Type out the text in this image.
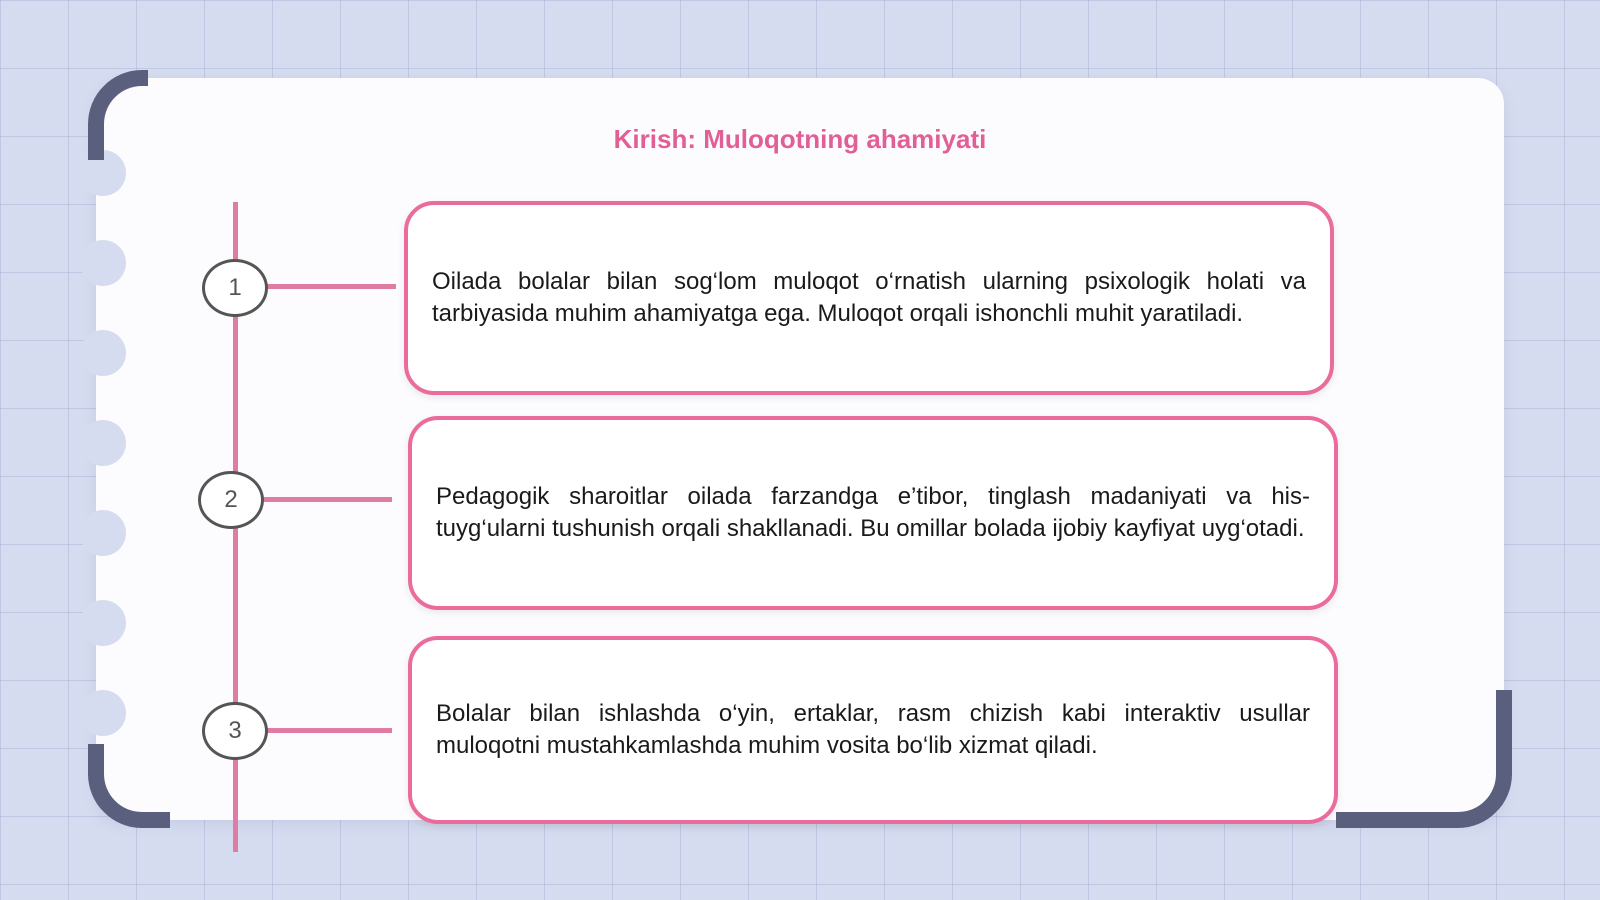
Kirish: Muloqotning ahamiyati
1
2
3

Oilada bolalar bilan sog‘lom muloqot o‘rnatish ularning psixologik holati va tarbiyasida muhim ahamiyatga ega. Muloqot orqali ishonchli muhit yaratiladi.

Pedagogik sharoitlar oilada farzandga e’tibor, tinglash madaniyati va his-tuyg‘ularni tushunish orqali shakllanadi. Bu omillar bolada ijobiy kayfiyat uyg‘otadi.

Bolalar bilan ishlashda o‘yin, ertaklar, rasm chizish kabi interaktiv usullar muloqotni mustahkamlashda muhim vosita bo‘lib xizmat qiladi.
